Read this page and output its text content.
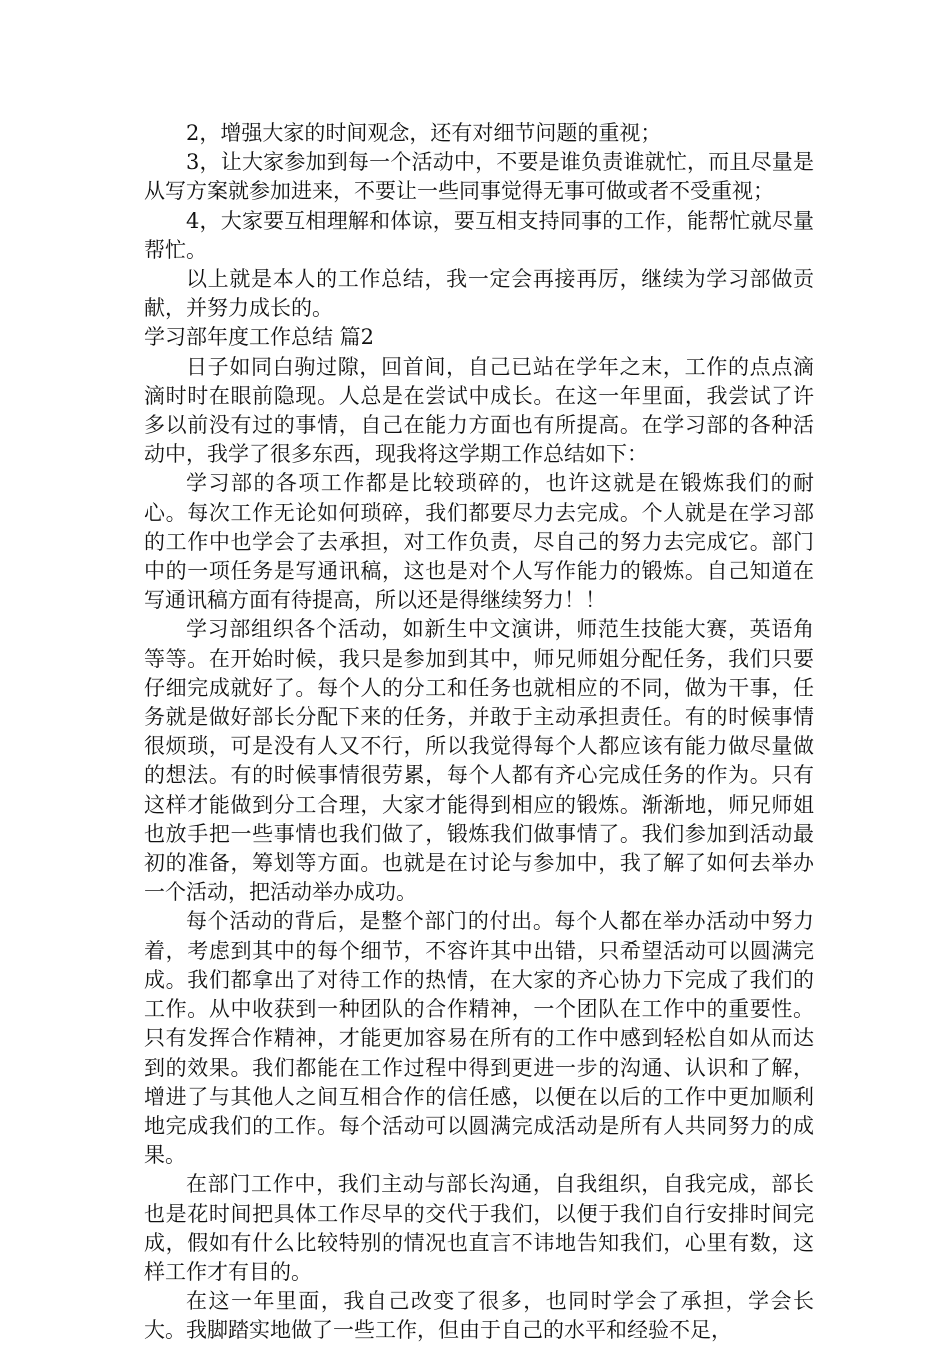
2，增强大家的时间观念，还有对细节问题的重视；

3，让大家参加到每一个活动中，不要是谁负责谁就忙，而且尽量是从写方案就参加进来，不要让一些同事觉得无事可做或者不受重视；

4，大家要互相理解和体谅，要互相支持同事的工作，能帮忙就尽量帮忙。

以上就是本人的工作总结，我一定会再接再厉，继续为学习部做贡献，并努力成长的。

学习部年度工作总结 篇2

日子如同白驹过隙，回首间，自己已站在学年之末，工作的点点滴滴时时在眼前隐现。人总是在尝试中成长。在这一年里面，我尝试了许多以前没有过的事情，自己在能力方面也有所提高。在学习部的各种活动中，我学了很多东西，现我将这学期工作总结如下：

学习部的各项工作都是比较琐碎的，也许这就是在锻炼我们的耐心。每次工作无论如何琐碎，我们都要尽力去完成。个人就是在学习部的工作中也学会了去承担，对工作负责，尽自己的努力去完成它。部门中的一项任务是写通讯稿，这也是对个人写作能力的锻炼。自己知道在写通讯稿方面有待提高，所以还是得继续努力！！

学习部组织各个活动，如新生中文演讲，师范生技能大赛，英语角等等。在开始时候，我只是参加到其中，师兄师姐分配任务，我们只要仔细完成就好了。每个人的分工和任务也就相应的不同，做为干事，任务就是做好部长分配下来的任务，并敢于主动承担责任。有的时候事情很烦琐，可是没有人又不行，所以我觉得每个人都应该有能力做尽量做的想法。有的时候事情很劳累，每个人都有齐心完成任务的作为。只有这样才能做到分工合理，大家才能得到相应的锻炼。渐渐地，师兄师姐也放手把一些事情也我们做了，锻炼我们做事情了。我们参加到活动最初的准备，筹划等方面。也就是在讨论与参加中，我了解了如何去举办一个活动，把活动举办成功。

每个活动的背后，是整个部门的付出。每个人都在举办活动中努力着，考虑到其中的每个细节，不容许其中出错，只希望活动可以圆满完成。我们都拿出了对待工作的热情，在大家的齐心协力下完成了我们的工作。从中收获到一种团队的合作精神，一个团队在工作中的重要性。只有发挥合作精神，才能更加容易在所有的工作中感到轻松自如从而达到的效果。我们都能在工作过程中得到更进一步的沟通、认识和了解，增进了与其他人之间互相合作的信任感，以便在以后的工作中更加顺利地完成我们的工作。每个活动可以圆满完成活动是所有人共同努力的成果。

在部门工作中，我们主动与部长沟通，自我组织，自我完成，部长也是花时间把具体工作尽早的交代于我们，以便于我们自行安排时间完成，假如有什么比较特别的情况也直言不讳地告知我们，心里有数，这样工作才有目的。

在这一年里面，我自己改变了很多，也同时学会了承担，学会长大。我脚踏实地做了一些工作，但由于自己的水平和经验不足，
